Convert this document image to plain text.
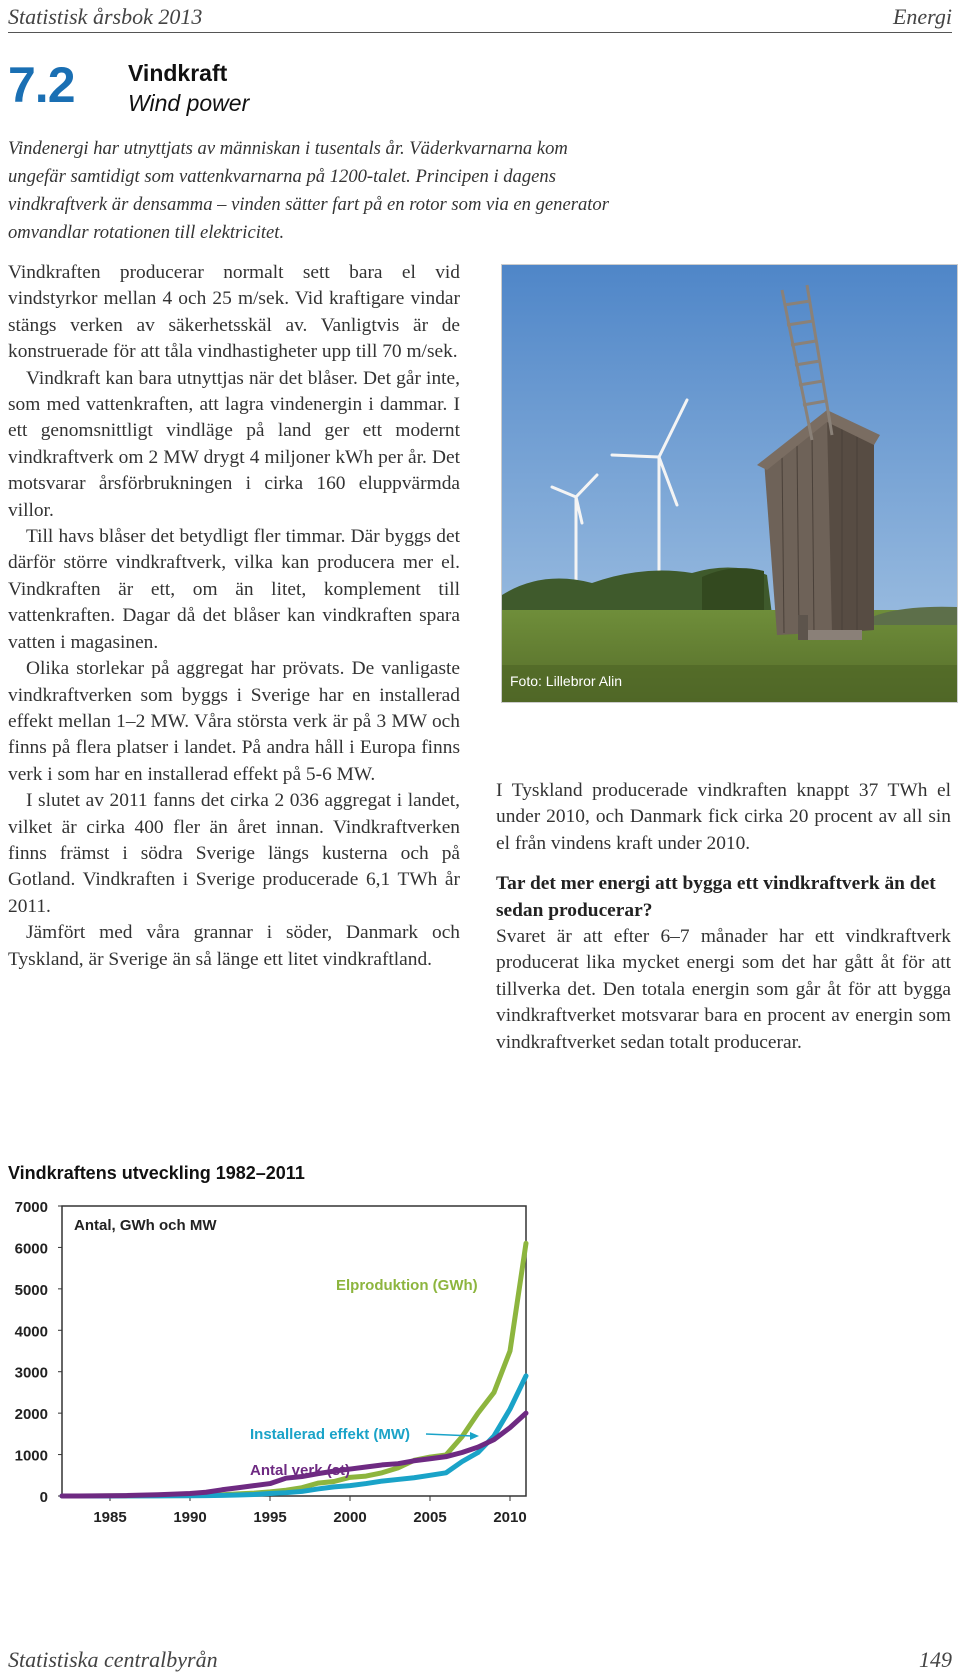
Statistisk årsbok 2013	Energi
7.2 Vindkraft
Wind power
Vindenergi har utnyttjats av människan i tusentals år. Väderkvarnarna kom ungefär samtidigt som vattenkvarnarna på 1200-talet. Principen i dagens vindkraftverk är densamma – vinden sätter fart på en rotor som via en generator omvandlar rotationen till elektricitet.

Vindkraften producerar normalt sett bara el vid vindstyrkor mellan 4 och 25 m/sek. Vid kraftigare vindar stängs verken av säkerhetsskäl av. Vanligtvis är de konstruerade för att tåla vindhastigheter upp till 70 m/sek.

Vindkraft kan bara utnyttjas när det blåser. Det går inte, som med vattenkraften, att lagra vindenergin i dammar. I ett genomsnittligt vindläge på land ger ett modernt vindkraftverk om 2 MW drygt 4 miljoner kWh per år. Det motsvarar årsförbrukningen i cirka 160 eluppvärmda villor.

Till havs blåser det betydligt fler timmar. Där byggs det därför större vindkraftverk, vilka kan producera mer el. Vindkraften är ett, om än litet, komplement till vattenkraften. Dagar då det blåser kan vindkraften spara vatten i magasinen.

Olika storlekar på aggregat har prövats. De vanligaste vindkraftverken som byggs i Sverige har en installerad effekt mellan 1–2 MW. Våra största verk är på 3 MW och finns på flera platser i landet. På andra håll i Europa finns verk i som har en installerad effekt på 5-6 MW.

I slutet av 2011 fanns det cirka 2 036 aggregat i landet, vilket är cirka 400 fler än året innan. Vindkraftverken finns främst i södra Sverige längs kusterna och på Gotland. Vindkraften i Sverige producerade 6,1 TWh år 2011.

Jämfört med våra grannar i söder, Danmark och Tyskland, är Sverige än så länge ett litet vindkraftland.

Foto: Lillebror Alin

I Tyskland producerade vindkraften knappt 37 TWh el under 2010, och Danmark fick cirka 20 procent av all sin el från vindens kraft under 2010.

Tar det mer energi att bygga ett vindkraftverk än det sedan producerar?

Svaret är att efter 6–7 månader har ett vindkraftverk producerat lika mycket energi som det har gått åt för att tillverka det. Den totala energin som går åt för att bygga vindkraftverket motsvarar bara en procent av energin som vindkraftverket sedan totalt producerar.

Vindkraftens utveckling 1982–2011
0
1000
2000
3000
4000
5000
6000
7000
1985	1990	1995	2000	2005	2010
Antal, GWh och MW
Elproduktion (GWh)
Installerad effekt (MW)
Antal verk (st)
Statistiska centralbyrån	149
